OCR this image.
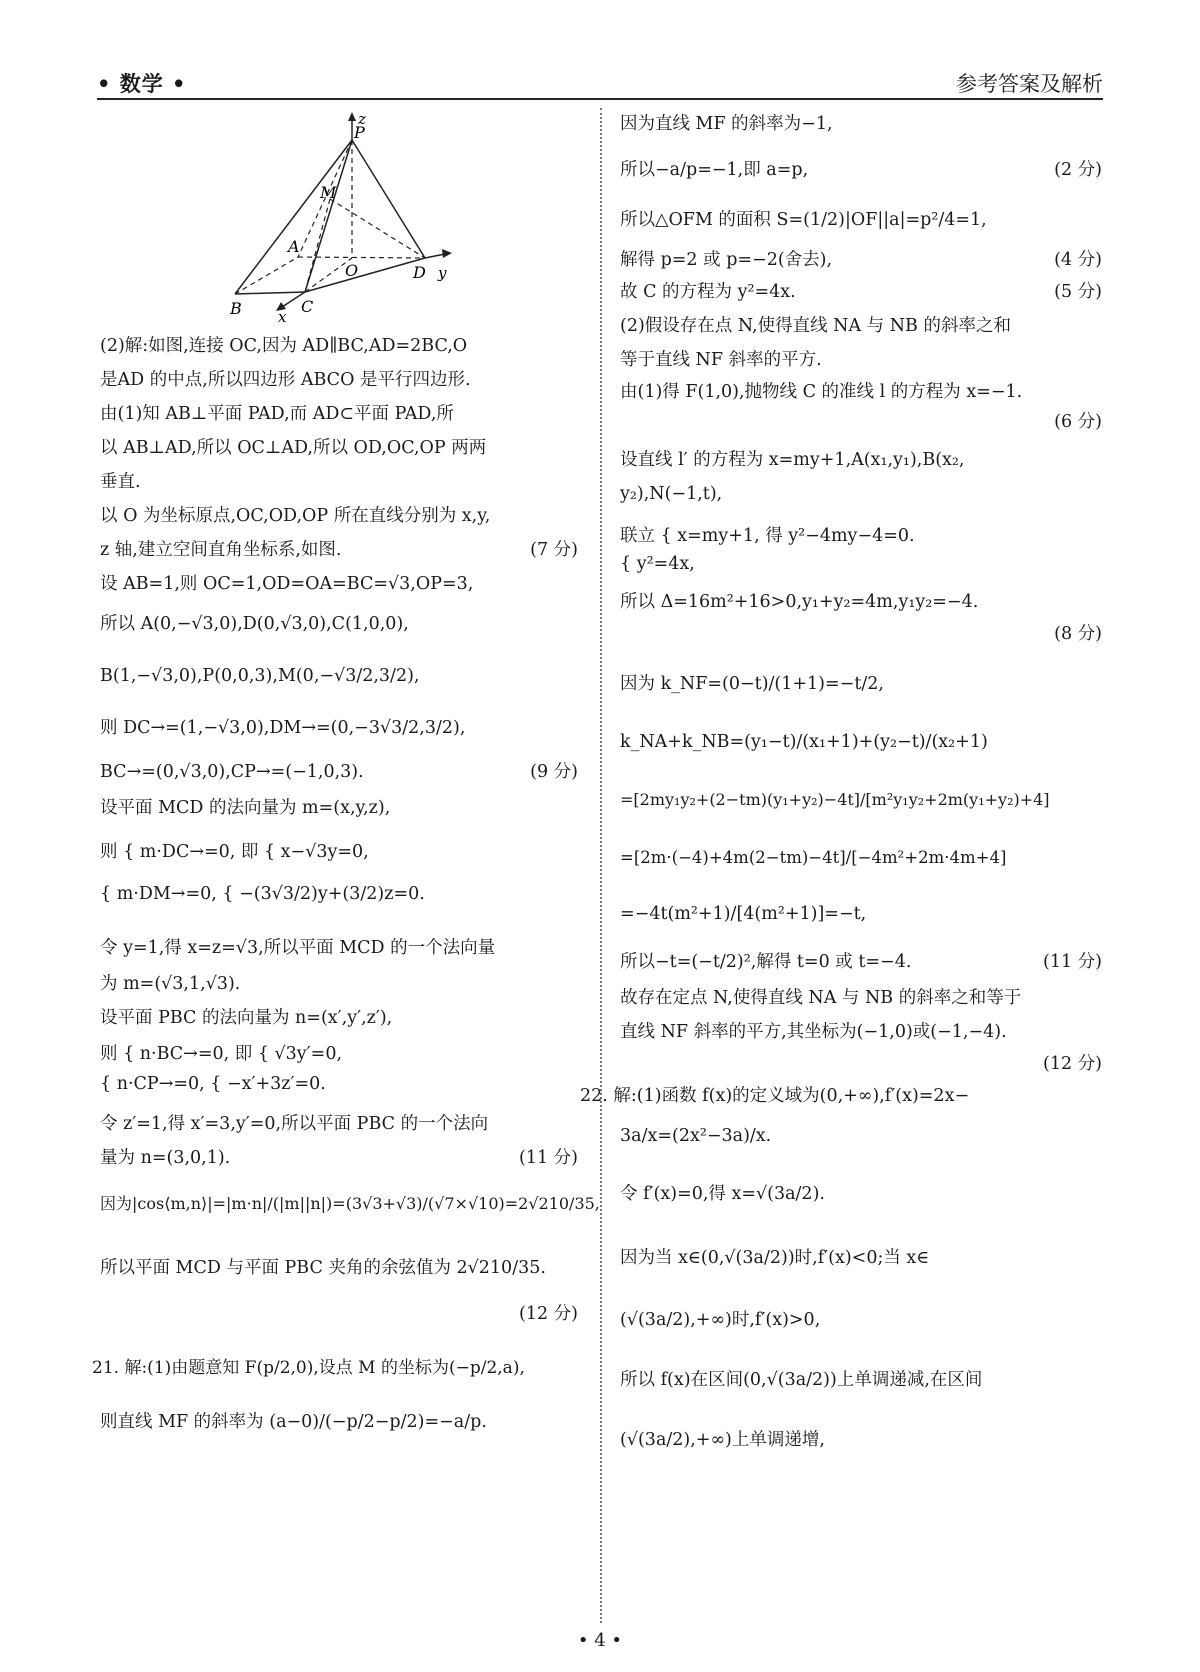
• 数学 •	参考答案及解析
z
P
M
A
O	D y
B	C
x
(2)解:如图,连接 OC,因为 AD∥BC,AD=2BC,O
是AD 的中点,所以四边形 ABCO 是平行四边形.
由(1)知 AB⊥平面 PAD,而 AD⊂平面 PAD,所
以 AB⊥AD,所以 OC⊥AD,所以 OD,OC,OP 两两
垂直.
以 O 为坐标原点,OC,OD,OP 所在直线分别为 x,y,
z 轴,建立空间直角坐标系,如图.	(7 分)
设 AB=1,则 OC=1,OD=OA=BC=√3,OP=3,
所以 A(0,−√3,0),D(0,√3,0),C(1,0,0),
B(1,−√3,0),P(0,0,3),M(0,−√3/2,3/2),
则 DC→=(1,−√3,0),DM→=(0,−3√3/2,3/2),
BC→=(0,√3,0),CP→=(−1,0,3).	(9 分)
设平面 MCD 的法向量为 m=(x,y,z),
则 { m·DC→=0, 即 { x−√3y=0,
{ m·DM→=0, { −(3√3/2)y+(3/2)z=0.
令 y=1,得 x=z=√3,所以平面 MCD 的一个法向量
为 m=(√3,1,√3).
设平面 PBC 的法向量为 n=(x′,y′,z′),
则 { n·BC→=0, 即 { √3y′=0,
{ n·CP→=0, { −x′+3z′=0.
令 z′=1,得 x′=3,y′=0,所以平面 PBC 的一个法向
量为 n=(3,0,1).	(11 分)
因为|cos⟨m,n⟩|=|m·n|/(|m||n|)=(3√3+√3)/(√7×√10)=2√210/35,
所以平面 MCD 与平面 PBC 夹角的余弦值为 2√210/35.
(12 分)
21. 解:(1)由题意知 F(p/2,0),设点 M 的坐标为(−p/2,a),
则直线 MF 的斜率为 (a−0)/(−p/2−p/2)=−a/p.
因为直线 MF 的斜率为−1,
所以−a/p=−1,即 a=p,	(2 分)
所以△OFM 的面积 S=(1/2)|OF||a|=p²/4=1,
解得 p=2 或 p=−2(舍去),	(4 分)
故 C 的方程为 y²=4x.	(5 分)
(2)假设存在点 N,使得直线 NA 与 NB 的斜率之和
等于直线 NF 斜率的平方.
由(1)得 F(1,0),抛物线 C 的准线 l 的方程为 x=−1.
(6 分)
设直线 l′ 的方程为 x=my+1,A(x₁,y₁),B(x₂,
y₂),N(−1,t),
联立 { x=my+1, 得 y²−4my−4=0.
{ y²=4x,
所以 Δ=16m²+16>0,y₁+y₂=4m,y₁y₂=−4.
(8 分)
因为 k_NF=(0−t)/(1+1)=−t/2,
k_NA+k_NB=(y₁−t)/(x₁+1)+(y₂−t)/(x₂+1)
=[2my₁y₂+(2−tm)(y₁+y₂)−4t]/[m²y₁y₂+2m(y₁+y₂)+4]
=[2m·(−4)+4m(2−tm)−4t]/[−4m²+2m·4m+4]
=−4t(m²+1)/[4(m²+1)]=−t,
所以−t=(−t/2)²,解得 t=0 或 t=−4.	(11 分)
故存在定点 N,使得直线 NA 与 NB 的斜率之和等于
直线 NF 斜率的平方,其坐标为(−1,0)或(−1,−4).
(12 分)
22. 解:(1)函数 f(x)的定义域为(0,+∞),f′(x)=2x−
3a/x=(2x²−3a)/x.
令 f′(x)=0,得 x=√(3a/2).
因为当 x∈(0,√(3a/2))时,f′(x)<0;当 x∈
(√(3a/2),+∞)时,f′(x)>0,
所以 f(x)在区间(0,√(3a/2))上单调递减,在区间
(√(3a/2),+∞)上单调递增,
• 4 •
